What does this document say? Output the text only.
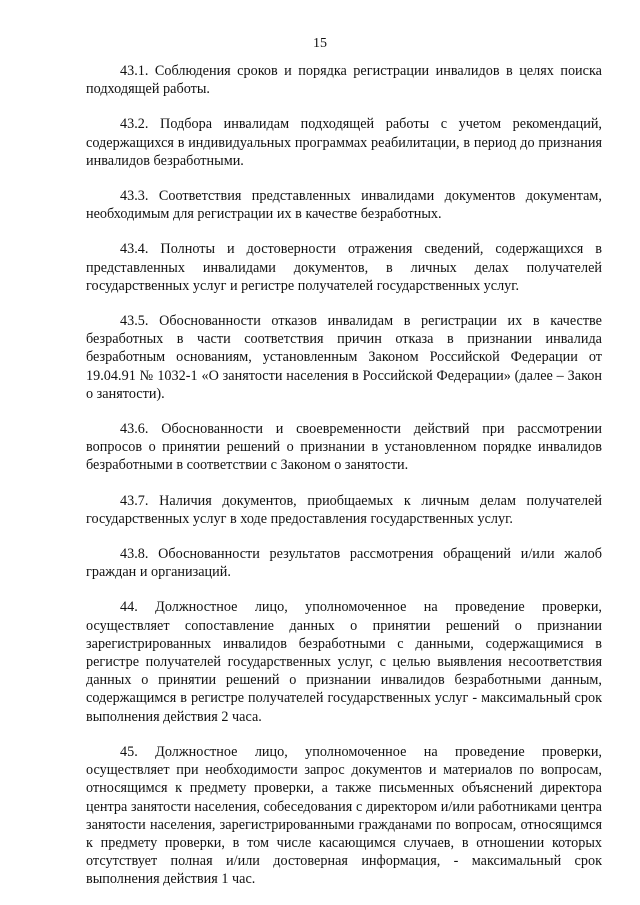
15

43.1. Соблюдения сроков и порядка регистрации инвалидов в целях поиска подходящей работы.

43.2. Подбора инвалидам подходящей работы с учетом рекомендаций, содержащихся в индивидуальных программах реабилитации, в период до признания инвалидов безработными.

43.3. Соответствия представленных инвалидами документов документам, необходимым для регистрации их в качестве безработных.

43.4. Полноты и достоверности отражения сведений, содержащихся в представленных инвалидами документов, в личных делах получателей государственных услуг и регистре получателей государственных услуг.

43.5. Обоснованности отказов инвалидам в регистрации их в качестве безработных в части соответствия причин отказа в признании инвалида безработным основаниям, установленным Законом Российской Федерации от 19.04.91 № 1032-1 «О занятости населения в Российской Федерации» (далее – Закон о занятости).

43.6. Обоснованности и своевременности действий при рассмотрении вопросов о принятии решений о признании в установленном порядке инвалидов безработными в соответствии с Законом о занятости.

43.7. Наличия документов, приобщаемых к личным делам получателей государственных услуг в ходе предоставления государственных услуг.

43.8. Обоснованности результатов рассмотрения обращений и/или жалоб граждан и организаций.

44. Должностное лицо, уполномоченное на проведение проверки, осуществляет сопоставление данных о принятии решений о признании зарегистрированных инвалидов безработными с данными, содержащимися в регистре получателей государственных услуг, с целью выявления несоответствия данных о принятии решений о признании инвалидов безработными данным, содержащимся в регистре получателей государственных услуг - максимальный срок выполнения действия 2 часа.

45. Должностное лицо, уполномоченное на проведение проверки, осуществляет при необходимости запрос документов и материалов по вопросам, относящимся к предмету проверки, а также письменных объяснений директора центра занятости населения, собеседования с директором и/или работниками центра занятости населения, зарегистрированными гражданами по вопросам, относящимся к предмету проверки, в том числе касающимся случаев, в отношении которых отсутствует полная и/или достоверная информация, - максимальный срок выполнения действия 1 час.
